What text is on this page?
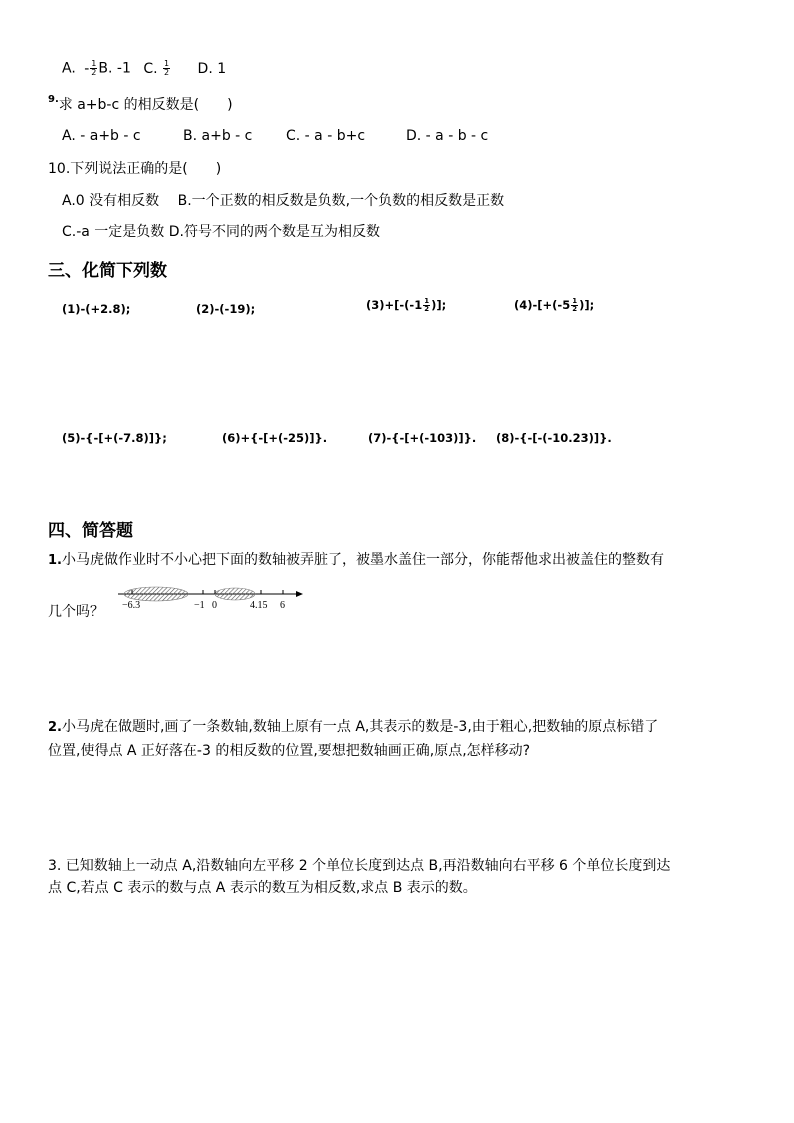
A. - $\frac{1}{2} B$. -1 C. $\frac{1}{2} D$. 1
$^{9.}$求 a+b-c 的相反数是(　　)
A. - a+b - c	B. a+b - c C. - a - b+c	D. - a - b - c
10.下列说法正确的是(　　)
A.0 没有相反数　 B.一个正数的相反数是负数,一个负数的相反数是正数
C.-a 一定是负数 D.符号不同的两个数是互为相反数
三、化简下列数
(1)-(+2.8);	(2)-(-19);	$(3)+[-(-1 \frac{1}{2}$ )];	$(4)-[+(-5 \frac{1}{2}$ )];
(5)-{-[+(-7.8)]};	(6)+{-[+(-25)]}.	(7)-{-[+(-103)]}. (8)-{-[-(-10.23)]}.
四、简答题
1.小马虎做作业时不小心把下面的数轴被弄脏了，被墨水盖住一部分，你能帮他求出被盖住的整数有
几个吗？ −6.3	−1 0	4.15 6
2.小马虎在做题时,画了一条数轴,数轴上原有一点 A,其表示的数是-3,由于粗心,把数轴的原点标错了
位置,使得点 A 正好落在-3 的相反数的位置,要想把数轴画正确,原点,怎样移动?
3. 已知数轴上一动点 A,沿数轴向左平移 2 个单位长度到达点 B,再沿数轴向右平移 6 个单位长度到达
点 C,若点 C 表示的数与点 A 表示的数互为相反数,求点 B 表示的数。
